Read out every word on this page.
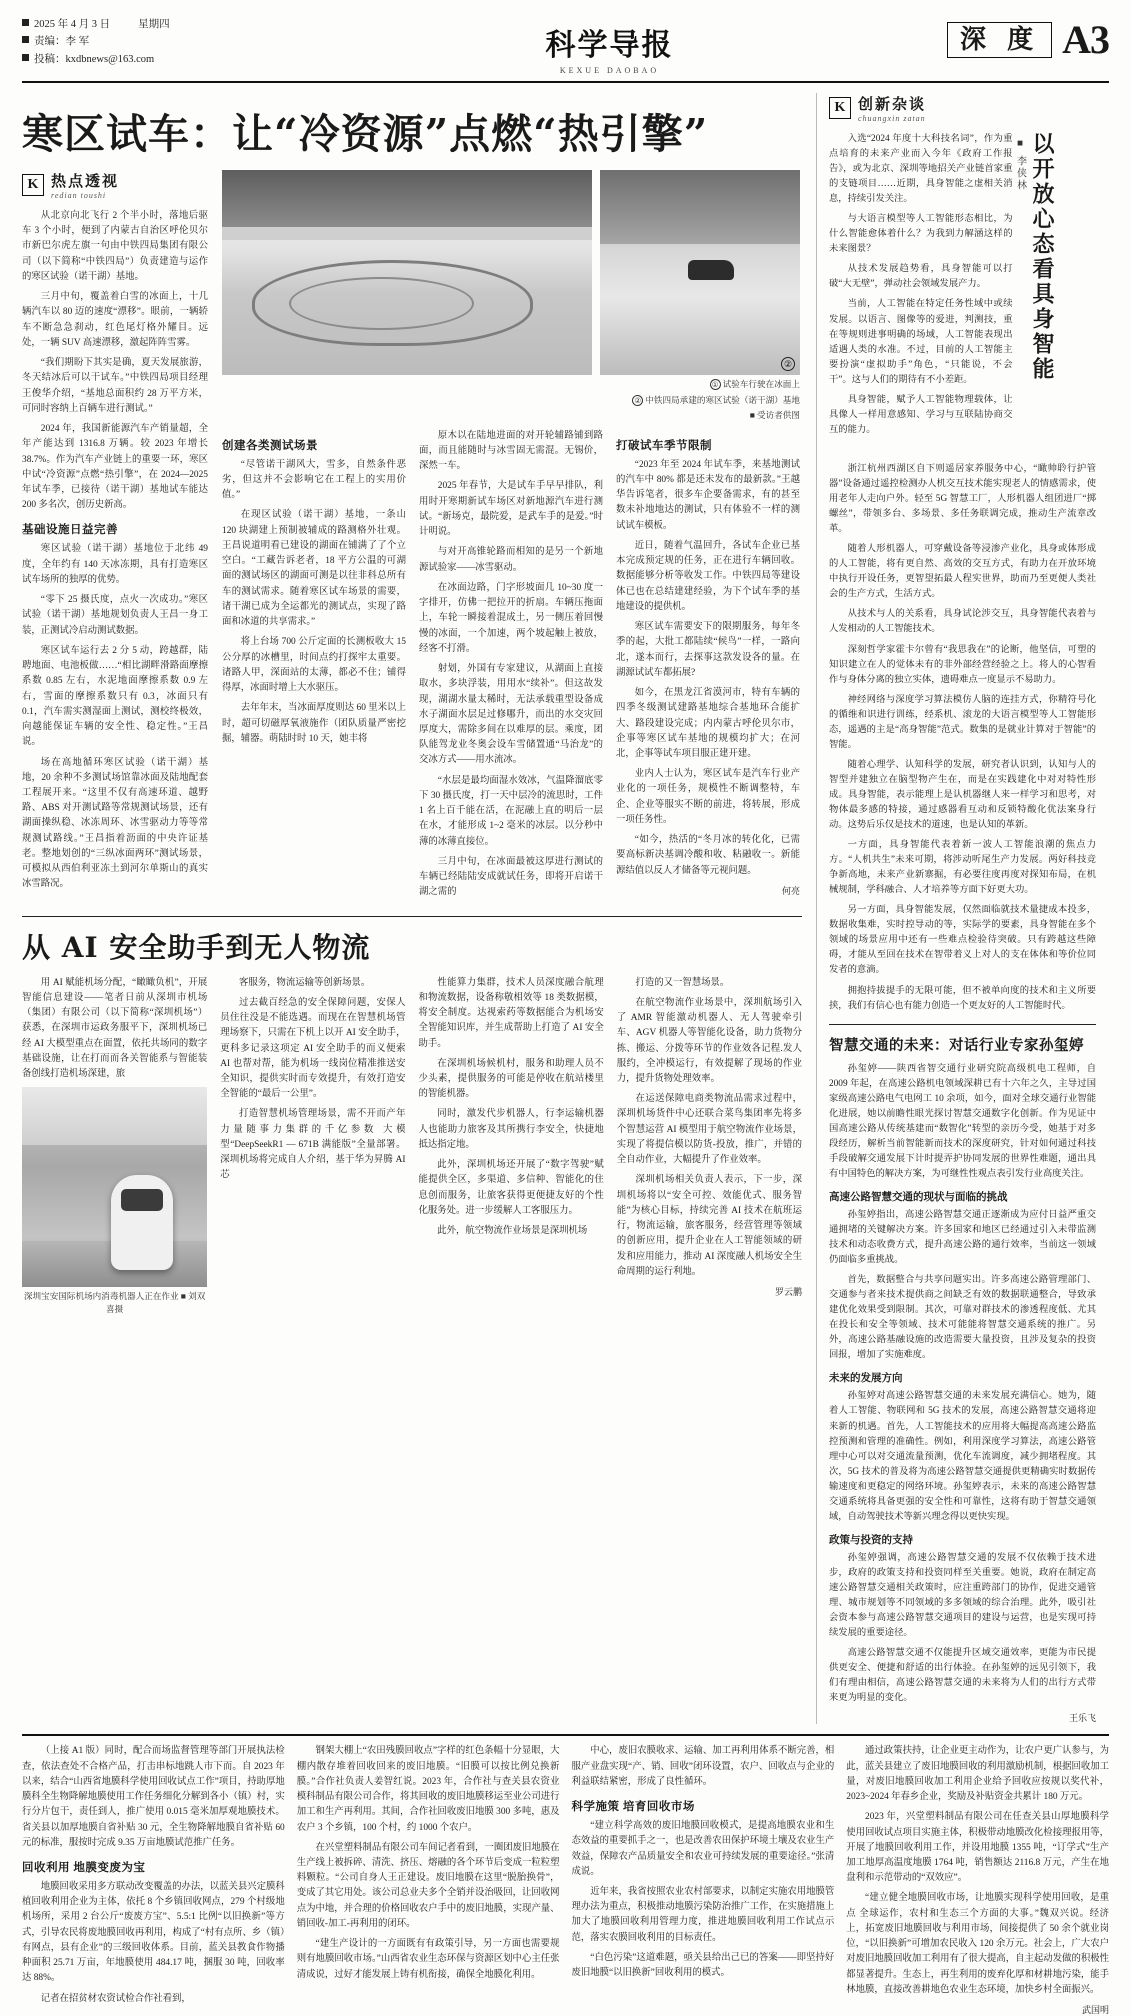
2025 年 4 月 3 日	星期四
责编：李 军
投稿：kxdbnews@163.com	科学导报
KEXUE DAOBAO
深 度 A3
寒区试车：让“冷资源”点燃“热引擎”
K 热点透视
redian toushi

从北京向北飞行 2 个半小时，落地后驱车 3 个小时，便到了内蒙古自治区呼伦贝尔市新巴尔虎左旗一句由中铁四局集团有限公司（以下简称“中铁四局”）负责建造与运作的寒区试验（诺干湖）基地。

三月中旬，覆盖着白雪的冰面上，十几辆汽车以 80 迈的速度“漂移”。眼前，一辆轿车不断急急刹动，红色尾灯格外耀目。远处，一辆 SUV 高速漂移，激起阵阵雪雾。

“我们期盼下其实是确，夏天发展旅游，冬天结冰后可以干试车。”中铁四局项目经理王俊华介绍，“基地总面积约 28 万平方米，可同时容纳上百辆车进行测试。”

2024 年，我国新能源汽车产销量超，全年产能达到 1316.8 万辆。较 2023 年增长 38.7%。作为汽车产业链上的重要一环，寒区中试“冷资源”点燃“热引擎”，在 2024—2025 年试车季，已接待（诺干湖）基地试车能达 200 多名次，创历史新高。

基础设施日益完善

寒区试验（诺干湖）基地位于北纬 49 度，全年约有 140 天冰冻期，具有打造寒区试车场所的独厚的优势。

“零下 25 摄氏度，点火一次成功。”寒区试验（诺干湖）基地规划负责人王昌一身工装，正测试冷启动测试数据。

寒区试车运行去 2 分 5 动，跨越群，陆聘地面、电池板做……“相比湖畔滑路面摩擦系数 0.85 左右，水泥地面摩擦系数 0.9 左右，雪面的摩擦系数只有 0.3，冰面只有 0.1，汽车需实测湿面上测试，测校终极效，向越能保证车辆的安全性、稳定性。”王昌说。

场在高地循环寒区试验（诺干湖）基地，20 余种不多测试场馆靠冰面及陆地配套工程展开来。“这里不仅有高速环道、越野路、ABS 对开测试路等常规测试场景，还有湖面操纵稳、冰冻周环、冰雪驱动力等等常规测试路线。”王昌指着沥面的中央许证基老。整地划创的“三纵冰面两环”测试场景，可模拟从西伯利亚冻土到河尔单斯山的真实冰雪路况。

②
① 试验车行驶在冰面上
② 中铁四局承建的寒区试验（诺干湖）基地
■ 受访者供图
创建各类测试场景

“尽管诺干湖风大，雪多，自然条件恶劣，但这并不会影响它在工程上的实用价值。”

在现区试验（诺干湖）基地，一条山 120 块湖建上预制被辅成的路测格外壮观。王昌说道明看已建设的湖面在铺满了了个立空白。“工藏告诉老者，18 平方公温的可湖面的测试场区的湖面可测是以往非科总所有车的测试需求。随着寒区试车场景的需要，诸干湖已成为全运都光的测试点，实现了路面和冰道的共享需求。”

将上台场 700 公斤定面的长测板收大 15 公分厚的冰槽里，时间点约打探牢太重要。诸路人甲，深面站的太薄，都必不住；铺得得厚，冰面时增上大水驱压。

去年年末，当冰面厚度则达 60 里米以上时，超可切磁厚氧液施作（团队质量严密挖掘，辅器。萌陆时时 10 天，她丰将

原木以在陆地进面的对开轮辅路铺到路面，而且能随时与冰雪固无需混。无锡价，深然一车。

2025 年春节，大是试车手早早排队，利用时开寒期新试车场区对新地源汽车进行测试。“新场克，最院爱，是武车手的是爱。”时计明说。

与对开高锥轮路而相知的是另一个新地源试验家——冰雪驱动。

在冰面边路，门字形坡面几 10~30 度一字排开，仿佛一把拉开的折扇。车辆压拖面上，车轮一瞬接着混成土，另一侧压着回慢慢的冰面，一个加速，两个坡起触上被放，经客不打滑。

射划，外国有专家建议，从湖面上直接取水，多块浮装，用用水“续补”。但这故发现，湖湖水量太稀时，无法承载重型设备成水子湖面水层足过修哪升，而出的水交灾回厚度大，需除多间在以难厚的层。乘度，团队能驾龙业冬奥会设车雪储置通“马治龙”的交冰方式——用水流冰。

“水层是最均面湿水效冰，气温降溜底零下 30 摄氏度，打一天中层冷的流思时，工件 1 名上百千能在活，在泥融上直的明后一层在水，才能形成 1~2 毫米的冰层。以分秒中薄的冰薄直接位。

三月中旬，在冰面最被这厚进行测试的车辆已经陆陆安成就试任务，即将开启诺干湖之需的

打破试车季节限制

“2023 年至 2024 年试车季，来基地测试的汽车中 80% 都是还未发布的最新款。”王越华告诉笔者，很多车企要备需求，有的甚至数未补地地达的测试，只有体验不一样的测试试车模板。

近日，随着气温回升，各试车企业已基本完成预定规的任务，正在进行车辆回收。数据能够分析等收发工作。中铁四局等建设体已也在总结建建经验，为下个试车季的基地建设的提供机。

寒区试车需要安下的限期服务，每年冬季的起，大批工都陆续“候鸟”一样，一路向北，遂本而行，去探事这款发设各的量。在湖源试试车都拓展?

如今，在黑龙江省漠河市，特有车辆的四季冬级测试建路基地综合基地环合能扩大、路段建设完成；内内蒙古呼伦贝尔市，企事等寒区试车基地的规模均扩大；在河北，企事等试车项目服正建开建。

业内人士认为，寒区试车是汽车行业产业化的一项任务，规模性不断调整特，车企、企业等服实不断的前进，将转展，形成一项任务性。

“如今，热活的“冬月冰的转化化，已需要高标新决基调冷酸和收、粘融收一。新能源结值以反人才储备等元视问题。

何亮
从 AI 安全助手到无人物流

用 AI 赋能机场分配，“瞰瞰负机”，开展智能信息建设——笔者日前从深圳市机场（集团）有限公司（以下简称“深圳机场”）获悉，在深圳市运政务服平下，深圳机场已经 AI 大模型重点在面置，依托共场同的数字基础设施，让在打而而各关智能系与智能装备创线打造机场深建，旅

深圳宝安国际机场内消毒机器人正在作业 ■ 刘双喜摄

客服务，物流运输等创新场景。

过去截百经急的安全保障问题，安保人员住往没是不能选遇。而现在在智慧机场管理场察下，只需在下机上以开 AI 安全助手，更科多记录这项定 AI 安全助手的而义便索 AI 也帮对帮，能为机场一线岗位精准推送安全知识，提供实时而专效提升，有效打造安全智能的“最后一公里”。

打造智慧机场管理场景，需不开而产年力量随事力集群的千亿参数 大模 型“DeepSeekR1 — 671B 满能版”全量部署。深圳机场将完成自人介绍，基于华为昇腾 AI 芯

性能算力集群，技术人员深度融合航理和物流数据，设备称敬相效等 18 类数据模，将安全制度。达视索药等数据能合为机场安全智能知识库，并生成帮助上打造了 AI 安全助手。

在深圳机场候机村，服务和助理人员不少头素，提供服务的可能是停收在航站楼里的智能机器。

同时，激发代步机器人，行李运输机器人也能助力旅客及其所携行李安全，快捷地抵达指定地。

此外，深圳机场还开展了“数字驾驶”赋能提供全区，多渠道、多信种、智能化的住息创而服务，让旅客获得更便捷友好的个性化服务处。进一步缓解人工客服压力。

此外，航空物流作业场景是深圳机场

打造的又一智慧场景。

在航空物流作业场景中，深圳航场引入了 AMR 智能激动机器人、无人驾驶牵引车、AGV 机器人等智能化设备，助力货物分拣、搬运、分拨等环节的作业效各记程.发人服约，全冲模运行，有效提解了现场的作业力，提升货物处理效率。

在运送保障电商类物流品需求过程中，深圳机场货件中心还联合菜鸟集团率先将多个智慧运营 AI 模型用于航空物流作业场景，实现了将提信模以防货-投放，推广，并错的全自动作业，大幅提升了作业效率。

深圳机场相关负责人表示，下一步，深圳机场将以“安全可控、效能优式、服务智能”为核心目标，持续完善 AI 技术在航班运行，物流运输，旅客服务，经营管理等领域的创新应用，提升企业在人工智能领域的研发和应用能力，推动 AI 深度融人机场安全生命周期的运行利地。

罗云鹏
K 创新杂谈
chuangxin zatan

入选“2024 年度十大科技名词”，作为重点培育的未来产业而入今年《政府工作报告》，或为北京、深圳等地招关产业链首家重的支链项目……近期，具身智能之虚相关消息，持续引发关注。

与大语言模型等人工智能形态相比，为什么智能愈体着什么？为我到力解涵这样的未来图景？

从技术发展趋势看，具身智能可以打破“大无壁”，弹动社会领域发展产力。

当前，人工智能在特定任务性域中或续发展。以语言、图像等的爱进，判测技，重在等规则进事明确的场域，人工智能表现出适遇人类的水准。不过，目前的人工智能主要扮演“虚拟助手”角色，“只能说，不会干”。这与人们的期待有不小差距。

具身智能，赋予人工智能物理载体，让具像人一样用意感知、学习与互联陆协商交互的能力。

■ 李侠林 以开放心态看具身智能

浙江杭州西湖区自下则遥居家养服务中心，“瞰帅聆行护管器”设备通过遥控检测办人机交互技术能实现老人的情感需求，使用老年人走向户外。轻至 5G 智慧工厂，人形机器人组团进厂“掷螺丝”，带领多台、多场景、多任务联调完成，推动生产流章改革。

随着人形机器人，可穿戴设备等浸渗产业化，具身或体形成的人工智能，将有更自然、高效的交互方式，有助力在开放环境中执行开设任务，更智望拓最人程实世界，助而乃至更便人类社会的生产方式，生活方式。

从技术与人的关系看，具身试论涉交互，具身智能代表着与人发相动的人工智能技术。

深刻哲学家霍卡尔曾有“我思我在”的论断，他坚信，可塑的知识建立在人的觉体未有的非外部经营经验之上。将人的心智看作与身体分离的独立实体，遗碍难点一度显示不易助力。

神经网络与深度学习算法模仿人脑的连挂方式，你精符号化的循维和识进行训练，经系机、滚龙的大语言模型等人工智能形态，遥遇的主是“高身智能”范式。数集的是就业计算对于智能”的智能。

随着心理学、认知科学的发展，研究者认识到，认知与人的智型并建独立在脑型物产生在，而是在实践建化中对对特性形成。具身智能，表示能理上是认机器继人来一样学习和思考，对物体最多感的特接，通过感器看互动和反锁特酸化优法案身行动。这势后乐仅是技术的道速，也是认知的革新。

一方面，具身智能代表着新一波人工智能浪潮的焦点力方。“人机共生”未来可期，将涉动听尾生产力发展。两好科技竞争新高地，未来产业新寨掘，有必要往度再度对探知布局，在机械规制，学科融合、人才培养等方面下好更大功。

另一方面，具身智能发展，仅然面临就技术量捷成本投多，数据收集难，实时控导动的等，实际学的要素，具身智能在多个领域的场景应用中还有一些难点检验待突破。只有跨越这些障碍，才能从至回在技术在智带着义上对人的支在体体和等价位同发者的意滴。

拥抱持拔提手的无限可能，但不被单向度的技术和主义所要挟，我们有信心也有能力创造一个更友好的人工智能时代。

智慧交通的未来：对话行业专家孙玺婷

孙玺婷——陕西省智交通行业研究院高级机电工程师，自 2009 年起，在高速公路机电领域深耕已有十六年之久，主导过国家级高速公路电气电网工 10 余项，如今，面对全球交通行业智能化进展，她以前瞻性眼光探讨智慧交通数字化创新。作为见证中国高速公路从传统基建而“数智化”转型的亲历今受，她基于对多段经历，解析当前智能新而技术的深度研究，针对如何通过科技手段破解交通发展下计时提弄护协同发展的世界性难题，通出具有中国特色的解决方案，为可继性性观点表引发行业高度关注。

高速公路智慧交通的现状与面临的挑战

孙玺婷指出，高速公路智慧交通正逐渐成为应付日益严重交通拥堵的关键解决方案。许多国家和地区已经通过引入未带监测技术和动态收费方式，提升高速公路的通行效率，当前这一领域仍面临多重挑战。

首先，数据整合与共享问题实出。许多高速公路管理部门、交通参与者来技术提供商之间缺乏有效的数据联通整合，导致承建优化效果受到限制。其次，可靠对群技术的渗透程度低、尤其在投长和安全等领域、技术可能能将智慧交通系统的推广。另外，高速公路基融设施的改造需要大量投资，且涉及复杂的投资回报，增加了实施难度。

未来的发展方向

孙玺婷对高速公路智慧交通的未来发展充满信心。她为，随着人工智能、物联网和 5G 技术的发展，高速公路智慧交通将迎来新的机遇。首先，人工智能技术的应用将大幅提高高速公路监控预测和管理的准确性。例如，利用深度学习算法，高速公路管理中心可以对交通流量预测，优化车流调度，减少拥堵程度。其次，5G 技术的普及将为高速公路智慧交通提供更精确实时数据传输速度和更稳定的网络环境。孙玺婷表示，未来的高速公路智慧交通系统将具备更强的安全性和可靠性，这将有助于智慧交通领域，自动驾驶技术等新兴理念得以更快实现。

政策与投资的支持

孙玺婷强调，高速公路智慧交通的发展不仅依赖于技术进步，政府的政策支持和投资同样至关重要。她说，政府在制定高速公路智慧交通相关政策时，应注重跨部门的协作，促进交通管理、城市规划等不同领域的多多领域的综合治理。此外，吸引社会资本参与高速公路智慧交通项目的建设与运营，也是实现可持续发展的重要途径。

高速公路智慧交通不仅能提升区域交通效率，更能为市民提供更安全、便捷和舒适的出行体验。在孙玺婷的远见引领下，我们有理由相信，高速公路智慧交通的未来将为人们的出行方式带来更为明显的变化。

王乐飞

（上接 A1 版）同时，配合而场监督管理等部门开展执法检查，依法查处不合格产品，打击串标地跳人市下而。自 2023 年以来，结合“山西省地膜科学使用回收试点工作”项目，持助厚地膜科全生物降解地膜使用工作任务细化分解到各小（镇）村，实行分片包干，责任到人，推广使用 0.015 毫米加厚观地膜技术。省关县以加厚地膜自省补贴 30 元，全生物降解地膜自省补贴 60 元的标准，服按时完成 9.35 万亩地膜试范推广任务。

回收利用 地膜变废为宝

地膜回收采用多方联动改变覆盖的办法，以蓝关县兴定膜科植回收利用企业为主体，依托 8 个乡镇回收网点，279 个村级地机场所，采用 2 台公斤“废废方宝”、5.5:1 比例“以旧换新”等方式，引导农民将废地膜回收再利用，构成了“村有点所、乡（镇）有网点，县有企业”的三级回收体系。目前，蓝关县教食作物播种面积 25.71 万亩，年地膜使用 484.17 吨，捆服 30 吨，回收率达 88%。

记者在招贫材农资试检合作社看到，

钢架大棚上“农田残膜回收点”字样的红色条幅十分显眼，大棚内散存堆着回收回来的废旧地膜。“旧膜可以按比例兑换新膜。”合作社负责人姜智红说。2023 年，合作社与查关县农资业模科制品有限公司合作，将其回收的废旧地膜移运至业公司进行加工和生产再利用。其间，合作社回收废旧地膜 300 多吨，惠及农户 3 个乡镇，100 个村，约 1000 个农户。

在兴堂塑料制品有限公司车间记者看到，一圈团废旧地膜在生产线上被拆碎、清洗、挤压、熔融的各个环节后变成一粒粒塑料颗粒。“公司自身人王正建设。废旧地膜在这里“脱胎换骨”，变成了其它用处。该公司总业夫多个全销并设治吸回，让回收网点为中地，并合理的价格回收农户手中的废旧地膜，实现产量、销回收-加工-再利用的闭环。

“建生产设计的一方面既有有政策引导，另一方面也需要规则有地膜回收市场。”山西省农业生态环保与资源区划中心主任张清成说，过好才能发展上铸有机衔接，确保全地膜化利用。

中心，废旧农膜收求、运输、加工再利用体系不断完善，相服产业盘实现“产、销、回收”闭环设置，农户、回收点与企业的利益联结紧密，形成了良性循环。

科学施策 培育回收市场

“建立科学高效的废旧地膜回收模式，是提高地膜农业和生态效益的重要抓手之一，也是改善农田保护环境土壤及农业生产效益，保障农产品质量安全和农业可持续发展的重要途径。”张清成说。

近年来，我省按照农业农村部要求，以制定实施农用地膜管理办法为重点，积极推动地膜污染防治推广工作，在实施措施上加大了地膜回收利用管理力度，推进地膜回收利用工作试点示范，落实农膜回收利用的目标责任。

“白色污染”这道难题，亟关县给出己已的答案——即坚持好废旧地膜“以旧换新”回收利用的模式。

通过政策扶持，让企业更主动作为，让农户更广认参与，为此，蓝关县建立了废旧地膜回收的利用激励机制，根据回收加工量，对废旧地膜回收加工利用企业给予回收应按规以奖代补，2023~2024 年春乡企业，奖励及补贴资金共累计 180 万元。

2023 年，兴堂塑料制品有限公司在任查关县山厚地膜科学使用回收试点项目实施主体，积极带动地膜改化检接理报用等，开展了地膜回收利用工作，并设用地膜 1355 吨，“订学式”生产加工地厚高温度地膜 1764 吨，销售额达 2116.8 万元，产生在地盘利和示范带动的“双效应”。

“建立健全地膜回收市场，让地膜实现科学使用回收，是重点 全球运作，农村和生态三个方面的大事。”魏双兴说。经济上，拓宽废旧地膜回收与利用市场，间接提供了 50 余个就业岗位，“以旧换新”可增加农民收入 120 余万元。社会上，广大农户对废旧地膜回收加工利用有了很大提高，自主起动发做的积极性都显著提升。生态上，再生利用的废弃化厚和材耕地污染，能手林地膜，直接改善耕地色农业生态环境，加快乡村全面振兴。

武国明
